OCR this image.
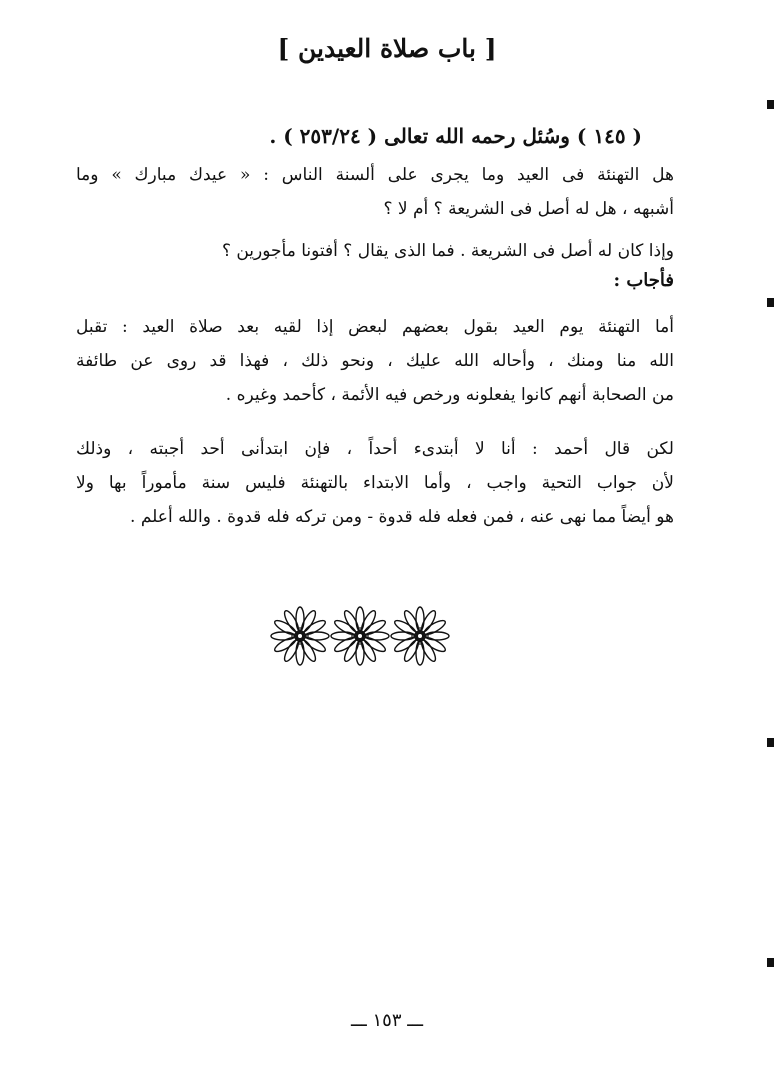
[ باب صلاة العيدين ]
( ١٤٥ ) وسُئل رحمه الله تعالى ( ٢٥٣/٢٤ ) .

هل التهنئة فى العيد وما يجرى على ألسنة الناس : « عيدك مبارك » وما

أشبهه ، هل له أصل فى الشريعة ؟ أم لا ؟

وإذا كان له أصل فى الشريعة . فما الذى يقال ؟ أفتونا مأجورين ؟

فأجاب :

أما التهنئة يوم العيد بقول بعضهم لبعض إذا لقيه بعد صلاة العيد : تقبل

الله منا ومنك ، وأحاله الله عليك ، ونحو ذلك ، فهذا قد روى عن طائفة

من الصحابة أنهم كانوا يفعلونه ورخص فيه الأئمة ، كأحمد وغيره .

لكن قال أحمد : أنا لا أبتدىء أحداً ، فإن ابتدأنى أحد أجبته ، وذلك

لأن جواب التحية واجب ، وأما الابتداء بالتهنئة فليس سنة مأموراً بها ولا

هو أيضاً مما نهى عنه ، فمن فعله فله قدوة - ومن تركه فله قدوة . والله أعلم .

ـــ ١٥٣ ـــ
